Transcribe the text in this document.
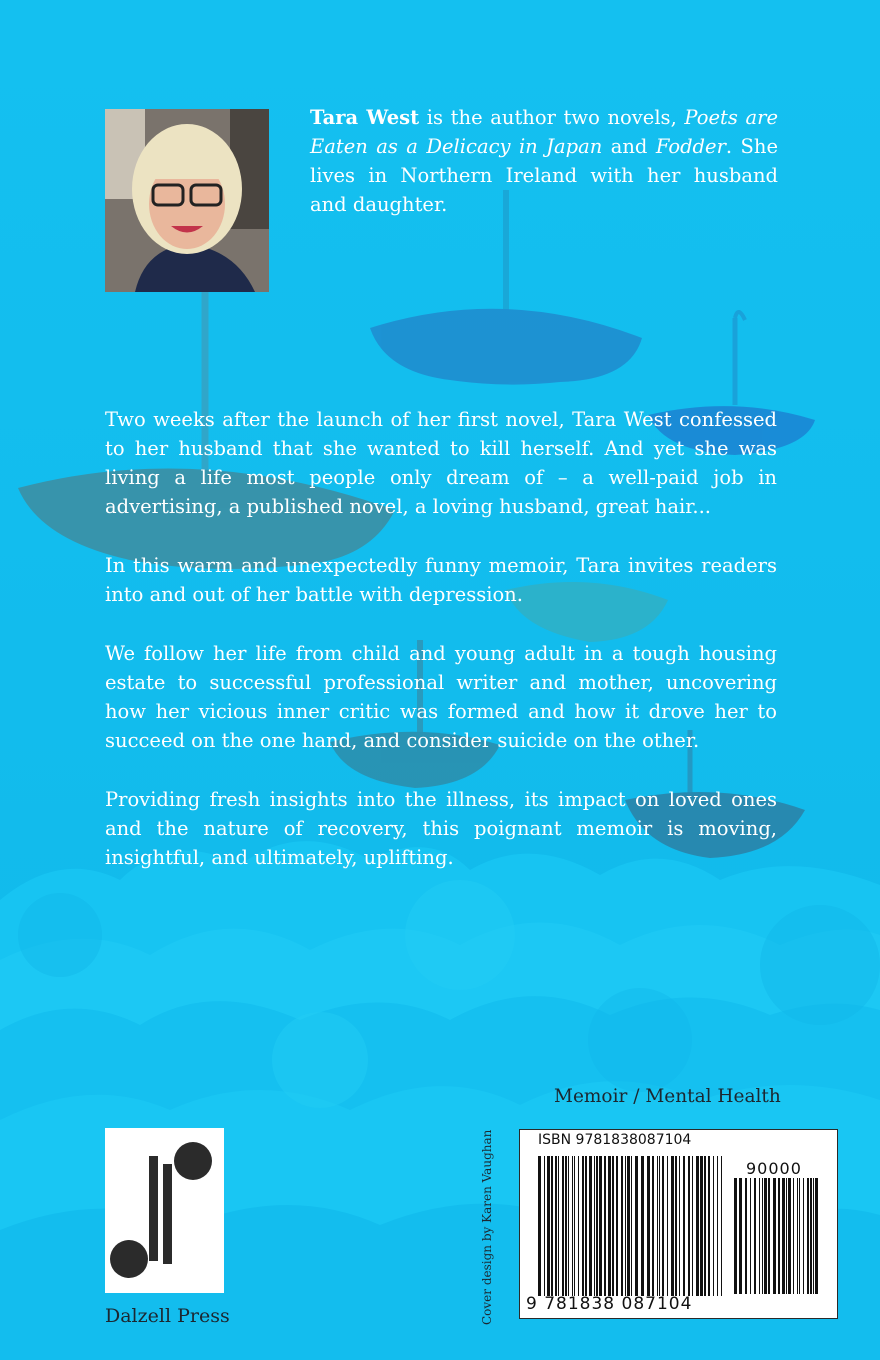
Tara West is the author two novels, Poets are Eaten as a Delicacy in Japan and Fodder. She lives in Northern Ireland with her husband and daughter.

Two weeks after the launch of her first novel, Tara West confessed to her husband that she wanted to kill herself. And yet she was living a life most people only dream of – a well-paid job in advertising, a published novel, a loving husband, great hair...

In this warm and unexpectedly funny memoir, Tara invites readers into and out of her battle with depression.

We follow her life from child and young adult in a tough housing estate to successful professional writer and mother, uncovering how her vicious inner critic was formed and how it drove her to succeed on the one hand, and consider suicide on the other.

Providing fresh insights into the illness, its impact on loved ones and the nature of recovery, this poignant memoir is moving, insightful, and ultimately, uplifting.

Memoir / Mental Health
Dalzell Press	Cover design by Karen Vaughan	ISBN 9781838087104
90000
9 781838 087104
